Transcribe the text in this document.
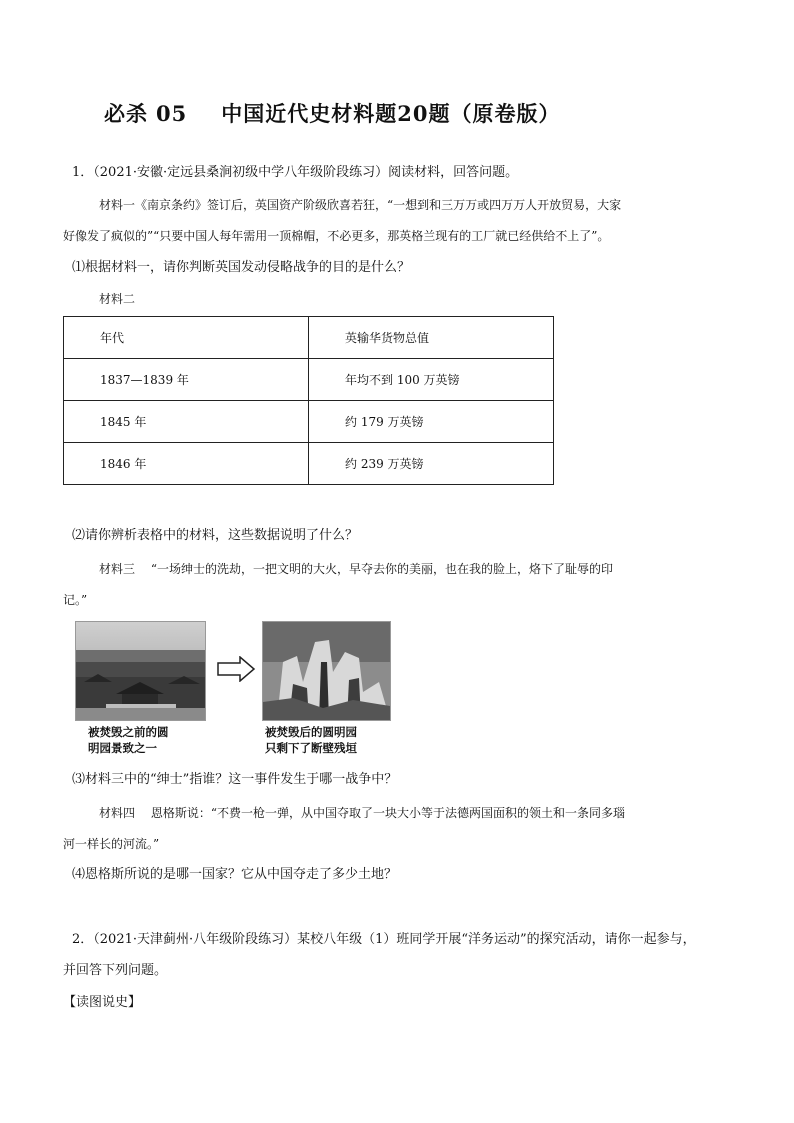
必杀 05 中国近代史材料题20题（原卷版）
1．（2021·安徽·定远县桑涧初级中学八年级阶段练习）阅读材料，回答问题。
材料一《南京条约》签订后，英国资产阶级欣喜若狂，“一想到和三万万或四万万人开放贸易，大家
好像发了疯似的”“只要中国人每年需用一顶棉帽，不必更多，那英格兰现有的工厂就已经供给不上了”。
⑴根据材料一，请你判断英国发动侵略战争的目的是什么？
材料二
年代	英输华货物总值
1837—1839 年	年均不到 100 万英镑
1845 年	约 179 万英镑
1846 年	约 239 万英镑
⑵请你辨析表格中的材料，这些数据说明了什么？
材料三　 “一场绅士的洗劫，一把文明的大火，早夺去你的美丽，也在我的脸上，烙下了耻辱的印
记。”
被焚毁之前的圆
明园景致之一
被焚毁后的圆明园
只剩下了断壁残垣
⑶材料三中的“绅士”指谁？这一事件发生于哪一战争中？
材料四　 恩格斯说：“不费一枪一弹，从中国夺取了一块大小等于法德两国面积的领土和一条同多瑙
河一样长的河流。”
⑷恩格斯所说的是哪一国家？它从中国夺走了多少土地？
2．（2021·天津蓟州·八年级阶段练习）某校八年级（1）班同学开展“洋务运动”的探究活动，请你一起参与，
并回答下列问题。
【读图说史】
